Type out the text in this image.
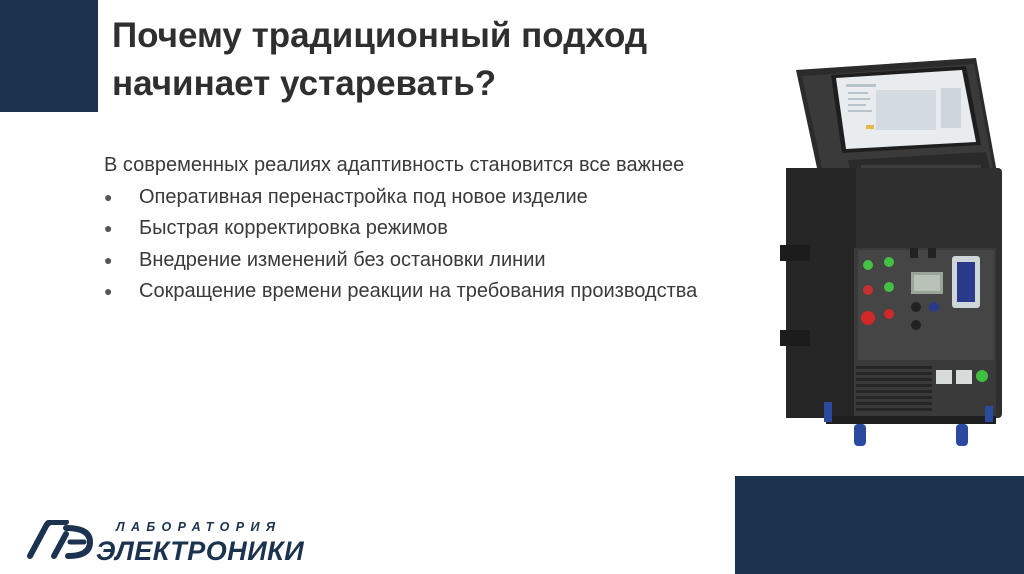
Почему традиционный подход
начинает устаревать?

В современных реалиях адаптивность становится все важнее

● Оперативная перенастройка под новое изделие
● Быстрая корректировка режимов
● Внедрение изменений без остановки линии
● Сокращение времени реакции на требования производства
ЛАБОРАТОРИЯ
ЭЛЕКТРОНИКИ
